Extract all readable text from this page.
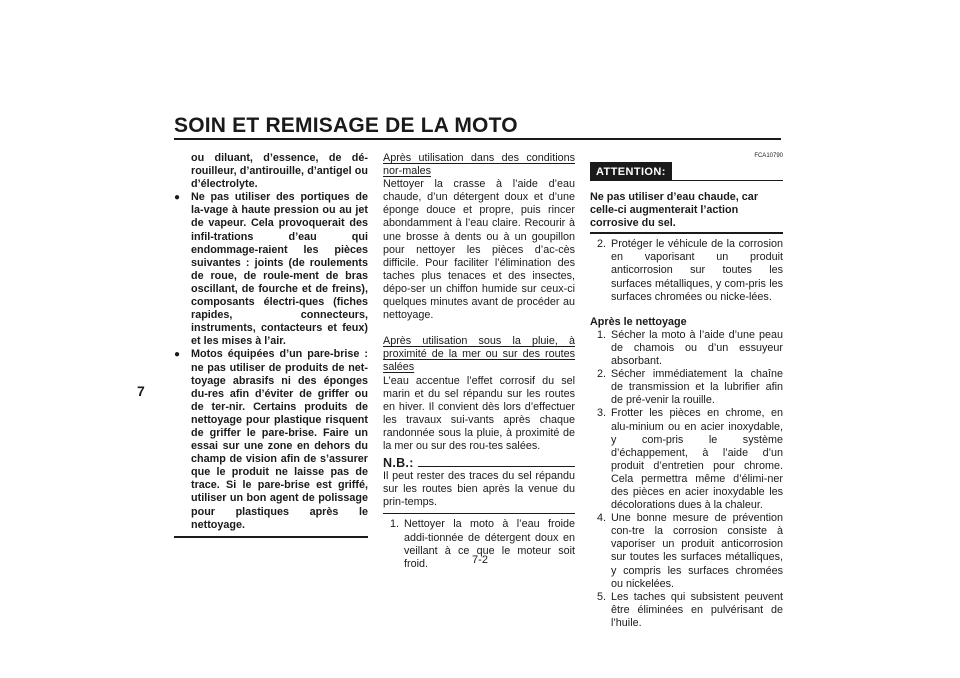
SOIN ET REMISAGE DE LA MOTO
7

ou diluant, d’essence, de dé-rouilleur, d’antirouille, d’antigel ou d’électrolyte.

● Ne pas utiliser des portiques de la-vage à haute pression ou au jet de vapeur. Cela provoquerait des infil-trations d’eau qui endommage-raient les pièces suivantes : joints (de roulements de roue, de roule-ment de bras oscillant, de fourche et de freins), composants électri-ques (fiches rapides, connecteurs, instruments, contacteurs et feux) et les mises à l’air.
● Motos équipées d’un pare-brise : ne pas utiliser de produits de net-toyage abrasifs ni des éponges du-res afin d’éviter de griffer ou de ter-nir. Certains produits de nettoyage pour plastique risquent de griffer le pare-brise. Faire un essai sur une zone en dehors du champ de vision afin de s’assurer que le produit ne laisse pas de trace. Si le pare-brise est griffé, utiliser un bon agent de polissage pour plastiques après le nettoyage.

Après utilisation dans des conditions nor-males

Nettoyer la crasse à l’aide d’eau chaude, d’un détergent doux et d’une éponge douce et propre, puis rincer abondamment à l’eau claire. Recourir à une brosse à dents ou à un goupillon pour nettoyer les pièces d’ac-cès difficile. Pour faciliter l’élimination des taches plus tenaces et des insectes, dépo-ser un chiffon humide sur ceux-ci quelques minutes avant de procéder au nettoyage.

Après utilisation sous la pluie, à proximité de la mer ou sur des routes salées

L’eau accentue l’effet corrosif du sel marin et du sel répandu sur les routes en hiver. Il convient dès lors d’effectuer les travaux sui-vants après chaque randonnée sous la pluie, à proximité de la mer ou sur des rou-tes salées.

N.B.:

Il peut rester des traces du sel répandu sur les routes bien après la venue du prin-temps.

1. Nettoyer la moto à l’eau froide addi-tionnée de détergent doux en veillant à ce que le moteur soit froid.
FCA10790
ATTENTION:
Ne pas utiliser d’eau chaude, car celle-ci augmenterait l’action corrosive du sel.
2. Protéger le véhicule de la corrosion en vaporisant un produit anticorrosion sur toutes les surfaces métalliques, y com-pris les surfaces chromées ou nicke-lées.
Après le nettoyage
1. Sécher la moto à l’aide d’une peau de chamois ou d’un essuyeur absorbant.
2. Sécher immédiatement la chaîne de transmission et la lubrifier afin de pré-venir la rouille.
3. Frotter les pièces en chrome, en alu-minium ou en acier inoxydable, y com-pris le système d’échappement, à l’aide d’un produit d’entretien pour chrome. Cela permettra même d’élimi-ner des pièces en acier inoxydable les décolorations dues à la chaleur.
4. Une bonne mesure de prévention con-tre la corrosion consiste à vaporiser un produit anticorrosion sur toutes les surfaces métalliques, y compris les surfaces chromées ou nickelées.
5. Les taches qui subsistent peuvent être éliminées en pulvérisant de l’huile.
7-2
